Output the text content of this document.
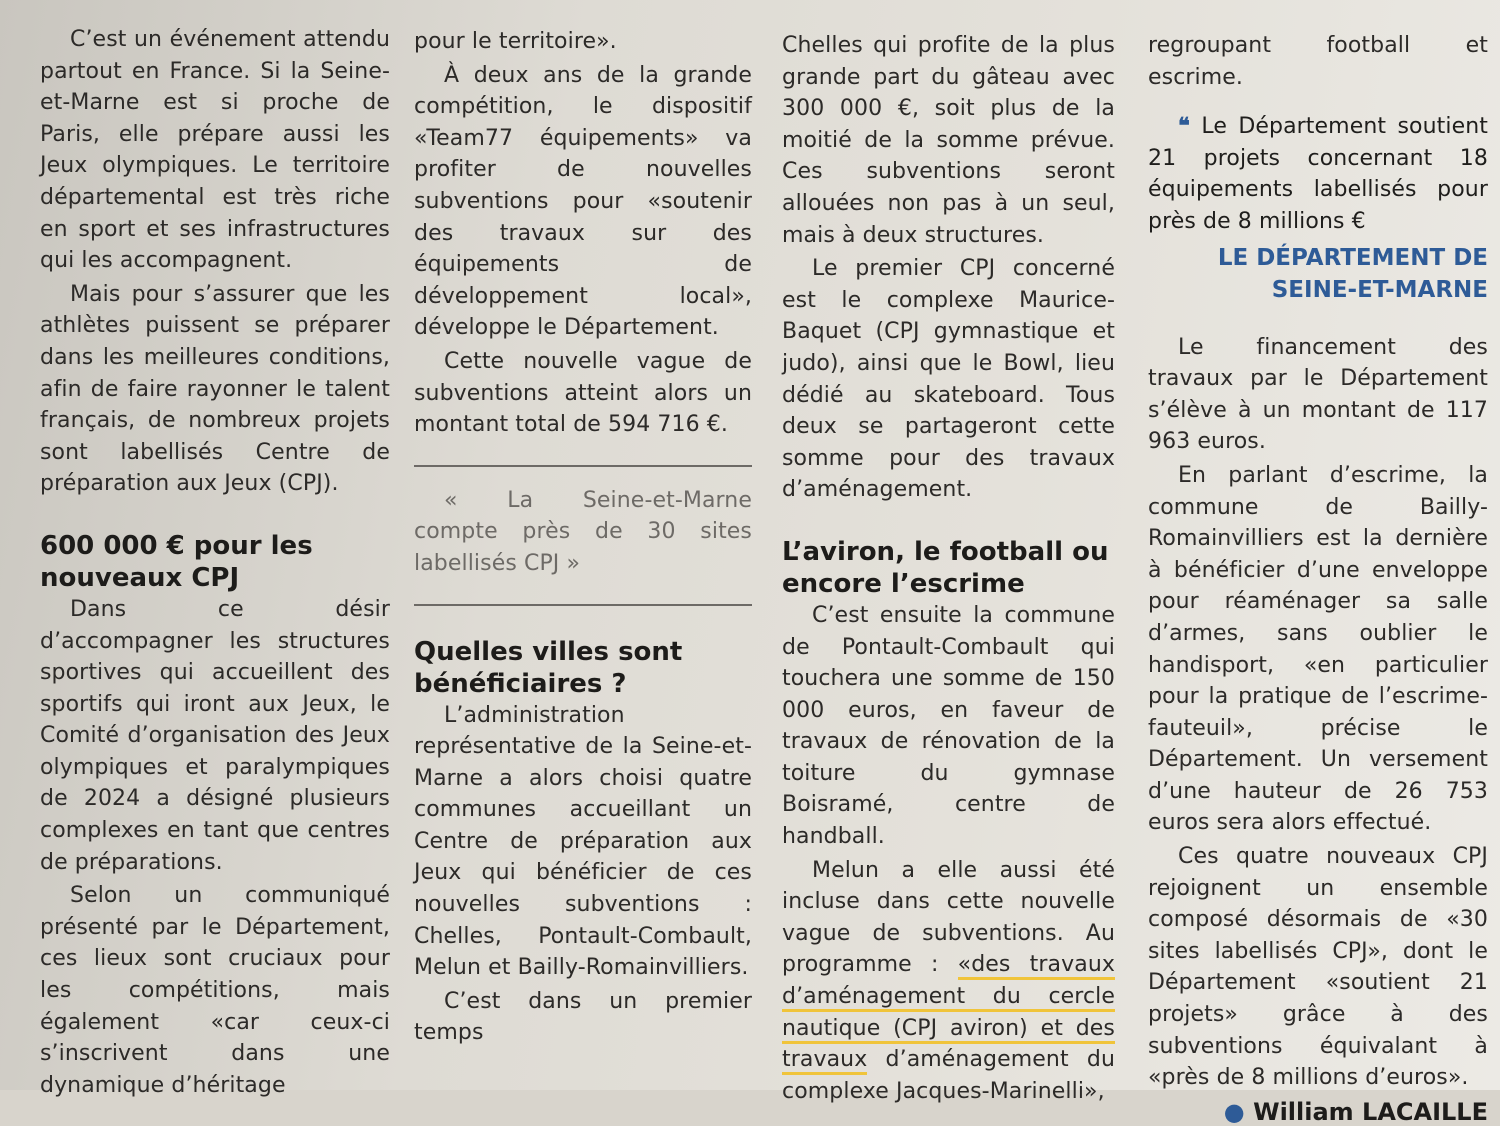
C’est un événement attendu partout en France. Si la Seine-et-Marne est si proche de Paris, elle prépare aussi les Jeux olympiques. Le territoire départemental est très riche en sport et ses infrastructures qui les accompagnent.

Mais pour s’assurer que les athlètes puissent se préparer dans les meilleures conditions, afin de faire rayonner le talent français, de nombreux projets sont labellisés Centre de préparation aux Jeux (CPJ).

600 000 € pour les nouveaux CPJ

Dans ce désir d’accompagner les structures sportives qui accueillent des sportifs qui iront aux Jeux, le Comité d’organisation des Jeux olympiques et paralympiques de 2024 a désigné plusieurs complexes en tant que centres de préparations.

Selon un communiqué présenté par le Département, ces lieux sont cruciaux pour les compétitions, mais également «car ceux-ci s’inscrivent dans une dynamique d’héritage

pour le territoire».

À deux ans de la grande compétition, le dispositif «Team77 équipements» va profiter de nouvelles subventions pour «soutenir des travaux sur des équipements de développement local», développe le Département.

Cette nouvelle vague de subventions atteint alors un montant total de 594 716 €.

« La Seine-et-Marne compte près de 30 sites labellisés CPJ »

Quelles villes sont bénéficiaires ?

L’administration représentative de la Seine-et-Marne a alors choisi quatre communes accueillant un Centre de préparation aux Jeux qui bénéficier de ces nouvelles subventions : Chelles, Pontault-Combault, Melun et Bailly-Romainvilliers.

C’est dans un premier temps

Chelles qui profite de la plus grande part du gâteau avec 300 000 €, soit plus de la moitié de la somme prévue. Ces subventions seront allouées non pas à un seul, mais à deux structures.

Le premier CPJ concerné est le complexe Maurice-Baquet (CPJ gymnastique et judo), ainsi que le Bowl, lieu dédié au skateboard. Tous deux se partageront cette somme pour des travaux d’aménagement.

L’aviron, le football ou encore l’escrime

C’est ensuite la commune de Pontault-Combault qui touchera une somme de 150 000 euros, en faveur de travaux de rénovation de la toiture du gymnase Boisramé, centre de handball.

Melun a elle aussi été incluse dans cette nouvelle vague de subventions. Au programme : «des travaux d’aménagement du cercle nautique (CPJ aviron) et des travaux d’aménagement du complexe Jacques-Marinelli»,

regroupant football et escrime.

❝ Le Département soutient 21 projets concernant 18 équipements labellisés pour près de 8 millions €

LE DÉPARTEMENT DE SEINE-ET-MARNE

Le financement des travaux par le Département s’élève à un montant de 117 963 euros.

En parlant d’escrime, la commune de Bailly-Romainvilliers est la dernière à bénéficier d’une enveloppe pour réaménager sa salle d’armes, sans oublier le handisport, «en particulier pour la pratique de l’escrime-fauteuil», précise le Département. Un versement d’une hauteur de 26 753 euros sera alors effectué.

Ces quatre nouveaux CPJ rejoignent un ensemble composé désormais de «30 sites labellisés CPJ», dont le Département «soutient 21 projets» grâce à des subventions équivalant à «près de 8 millions d’euros».

● William LACAILLE
